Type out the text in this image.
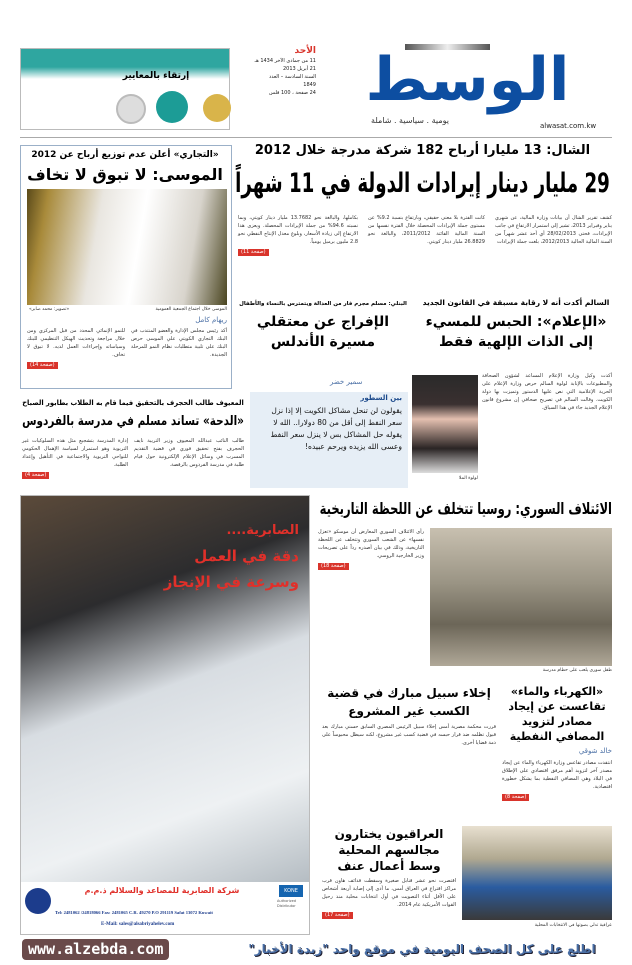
إرتقاء بالمعايير
الأحد
11 من جمادى الآخر 1434 هـ
21 أبريل 2013
السنة السادسة – العدد
1849
24 صفحة ، 100 فلس الوسط
يومية . سياسية . شاملة
alwasat.com.kw
الشال: 13 مليارا أرباح 182 شركة مدرجة خلال 2012
29 مليار دينار إيرادات الدولة في 11 شهراً
كشف تقرير الشال أن بيانات وزارة المالية، عن شهري يناير وفبراير 2013، تشير إلى استمرار الارتفاع في جانب الإيرادات، فحتى 28/02/2013 أي أحد عشر شهراً من السنة المالية الحالية 2012/2013، بلغت جملة الإيرادات
كانت الفترة بلا معنى حقيقي، وبارتفاع بنسبة 9.2% عن مستوى جملة الإيرادات المحصلة خلال الفترة نفسها من السنة المالية الفائتة 2011/2012، والبالغة نحو 26.8829 مليار دينار كويتي.
بكاملها، والبالغة نحو 13.7682 مليار دينار كويتي، وبما نسبته 94.6% من جملة الإيرادات المحصلة. ويعزى هذا الارتفاع إلى زيادة الأسعار، وبلوغ معدل الإنتاج النفطي نحو 2.8 مليون برميل يومياً.
(صفحة 11)
«التجاري» أعلن عدم توزيع أرباح عن 2012
الموسى: لا تبوق لا تخاف
الموسى خلال اجتماع الجمعية العمومية
«تصوير: محمد صابر»
ريهام كامل
أكد رئيس مجلس الإدارة والعضو المنتدب في البنك التجاري الكويتي علي الموسى حرص البنك على تلبية متطلبات نظام النمو للمرحلة الجديدة.
للنمو الإنمائي المحدد من قبل المركزي ومن خلال مراجعة وتحديث الهيكل التنظيمي للبنك وسياساته وإجراءات العمل لديه. لا تبوق لا تخاف.
(صفحة 14)
السالم أكدت أنه لا رقابة مسبقة في القانون الجديد
«الإعلام»: الحبس للمسيء إلى الذات الإلهية فقط
لولوة الملا
أكدت وكيل وزارة الإعلام المساعد لشؤون الصحافة والمطبوعات بالإنابة لولوة السالم حرص وزارة الإعلام على الحرية الإعلامية التي نص عليها الدستور وتميزت بها دولة الكويت. وقالت السالم في تصريح صحافي إن مشروع قانون الإعلام الجديد جاء في هذا السياق.
البنلي: مسلم مجرم فار من العدالة ويتمترس بالنساء والأطفال
الإفراج عن معتقلي مسيرة الأندلس
سمير خضر
بين السطور
يقولون لن تنحل مشاكل الكويت إلا إذا نزل سعر النفط إلى أقل من 80 دولارا.. الله لا يقوله حل المشاكل بس لا ينزل سعر النفط وعسى الله يزيده ويرحم عبيده!
المعيوف طالب الحجرف بالتحقيق فيما قام به الطلاب بطابور الصباح
«الدحة» تساند مسلم في مدرسة بالفردوس
طالب النائب عبدالله المعيوف وزير التربية نايف الحجرف بفتح تحقيق فوري في قضية التقديم المسرب في وسائل الإعلام الإلكترونية حول قيام طلبة في مدرسة الفردوس بالرقصة.
إدارة المدرسة بتشجيع مثل هذه السلوكيات غير التربوية وهو استمرار لسياسة الإهمال الحكومي للنواحي التربوية والاجتماعية في التأهيل وإعداد الطلبة.
(صفحة 4)
الائتلاف السوري: روسيا تتخلف عن اللحظة التاريخية
طفل سوري يلعب على حطام مدرسة
رأى الائتلاف السوري المعارض أن موسكو «تعزل نفسها» عن الشعب السوري وتتخلف عن اللحظة التاريخية، وذلك في بيان أصدره رداً على تصريحات وزير الخارجية الروسي.
(صفحة 18)
الصابرية....
دقة في العمل
وسرعة في الإنجاز
KONE
Authorized Distributor
شركة الصابرية للمصاعد والسلالم ذ.م.م
Tel: 2481062 /24818066 Fax: 2481065 C.R. 49270 P.O 291119 Safat 13072 Kuwait
E-Mail: sales@alsabriyahelev.com
«الكهرباء والماء» تقاعست عن إيجاد مصادر لتزويد المصافي النفطية
خالد شوقي
انتقدت مصادر تقاعس وزارة الكهرباء والماء عن إيجاد مصدر آخر لتزويد أهم مرفق اقتصادي على الإطلاق في البلاد وهي المصافي النفطية بما يشكل خطورة اقتصادية.
(صفحة 8)
إخلاء سبيل مبارك في قضية الكسب غير المشروع
قررت محكمة مصرية أمس إخلاء سبيل الرئيس المصري السابق حسني مبارك بعد قبول تظلمه ضد قرار حبسه في قضية كسب غير مشروع، لكنه سيظل محبوساً على ذمة قضايا أخرى.
العراقيون يختارون مجالسهم المحلية وسط أعمال عنف
اقتصرت نحو عشر قنابل صغيرة وسقطت قذائف هاون قرب مراكز اقتراع في العراق أمس، ما أدى إلى إصابة أربعة أشخاص على الأقل أثناء التصويت في أول انتخابات محلية منذ رحيل القوات الأمريكية عام 2014.
(صفحة 17)
عراقية تدلي بصوتها في الانتخابات المحلية
www.alzebda.com	اطلع على كل الصحف اليومية في موقع واحد "زبدة الأخبار"
